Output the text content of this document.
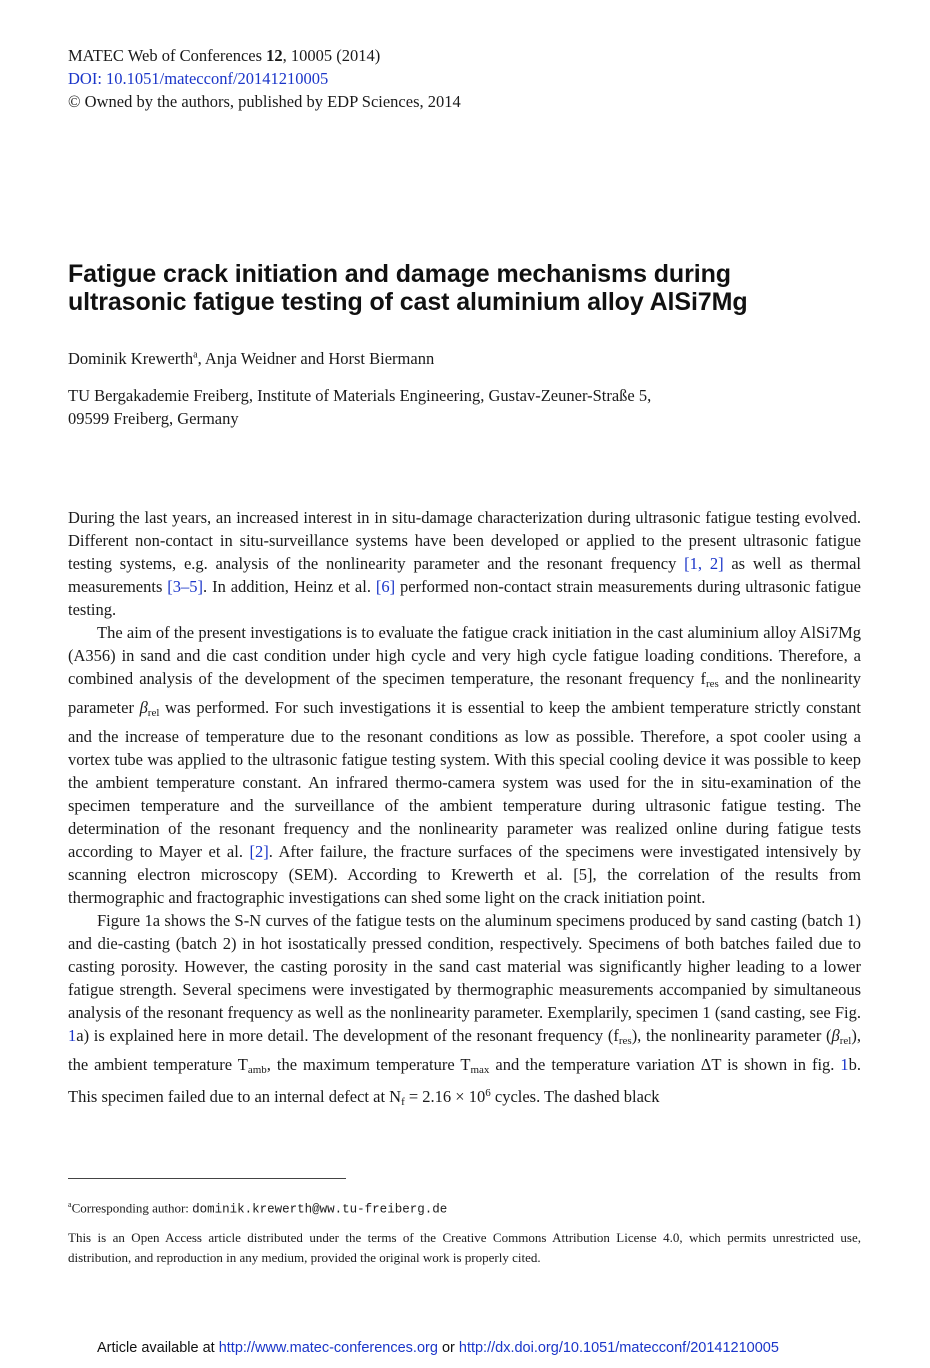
MATEC Web of Conferences 12, 10005 (2014)
DOI: 10.1051/matecconf/20141210005
© Owned by the authors, published by EDP Sciences, 2014
Fatigue crack initiation and damage mechanisms during
ultrasonic fatigue testing of cast aluminium alloy AlSi7Mg
Dominik Krewerth$^a$, Anja Weidner and Horst Biermann
TU Bergakademie Freiberg, Institute of Materials Engineering, Gustav-Zeuner-Straße 5,
09599 Freiberg, Germany

During the last years, an increased interest in in situ-damage characterization during ultrasonic fatigue testing evolved. Different non-contact in situ-surveillance systems have been developed or applied to the present ultrasonic fatigue testing systems, e.g. analysis of the nonlinearity parameter and the resonant frequency [1, 2] as well as thermal measurements [3–5]. In addition, Heinz et al. [6] performed non-contact strain measurements during ultrasonic fatigue testing.

The aim of the present investigations is to evaluate the fatigue crack initiation in the cast aluminium alloy AlSi7Mg (A356) in sand and die cast condition under high cycle and very high cycle fatigue loading conditions. Therefore, a combined analysis of the development of the specimen temperature, the resonant frequency $f_{res}$ and the nonlinearity parameter $\beta_{rel}$ was performed. For such investigations it is essential to keep the ambient temperature strictly constant and the increase of temperature due to the resonant conditions as low as possible. Therefore, a spot cooler using a vortex tube was applied to the ultrasonic fatigue testing system. With this special cooling device it was possible to keep the ambient temperature constant. An infrared thermo-camera system was used for the in situ-examination of the specimen temperature and the surveillance of the ambient temperature during ultrasonic fatigue testing. The determination of the resonant frequency and the nonlinearity parameter was realized online during fatigue tests according to Mayer et al. [2]. After failure, the fracture surfaces of the specimens were investigated intensively by scanning electron microscopy (SEM). According to Krewerth et al. [5], the correlation of the results from thermographic and fractographic investigations can shed some light on the crack initiation point.

Figure 1a shows the S-N curves of the fatigue tests on the aluminum specimens produced by sand casting (batch 1) and die-casting (batch 2) in hot isostatically pressed condition, respectively. Specimens of both batches failed due to casting porosity. However, the casting porosity in the sand cast material was significantly higher leading to a lower fatigue strength. Several specimens were investigated by thermographic measurements accompanied by simultaneous analysis of the resonant frequency as well as the nonlinearity parameter. Exemplarily, specimen 1 (sand casting, see Fig. 1a) is explained here in more detail. The development of the resonant frequency $(f_{res})$, the nonlinearity parameter $(\beta_{rel})$, the ambient temperature $T_{amb}$, the maximum temperature $T_{max}$ and the temperature variation ΔT is shown in fig. 1b. This specimen failed due to an internal defect at $N_f = 2.16 \times 10^6$ cycles. The dashed black

$^a$Corresponding author: dominik.krewerth@ww.tu-freiberg.de
This is an Open Access article distributed under the terms of the Creative Commons Attribution License 4.0, which permits unrestricted use, distribution, and reproduction in any medium, provided the original work is properly cited.
Article available at http://www.matec-conferences.org or http://dx.doi.org/10.1051/matecconf/20141210005
